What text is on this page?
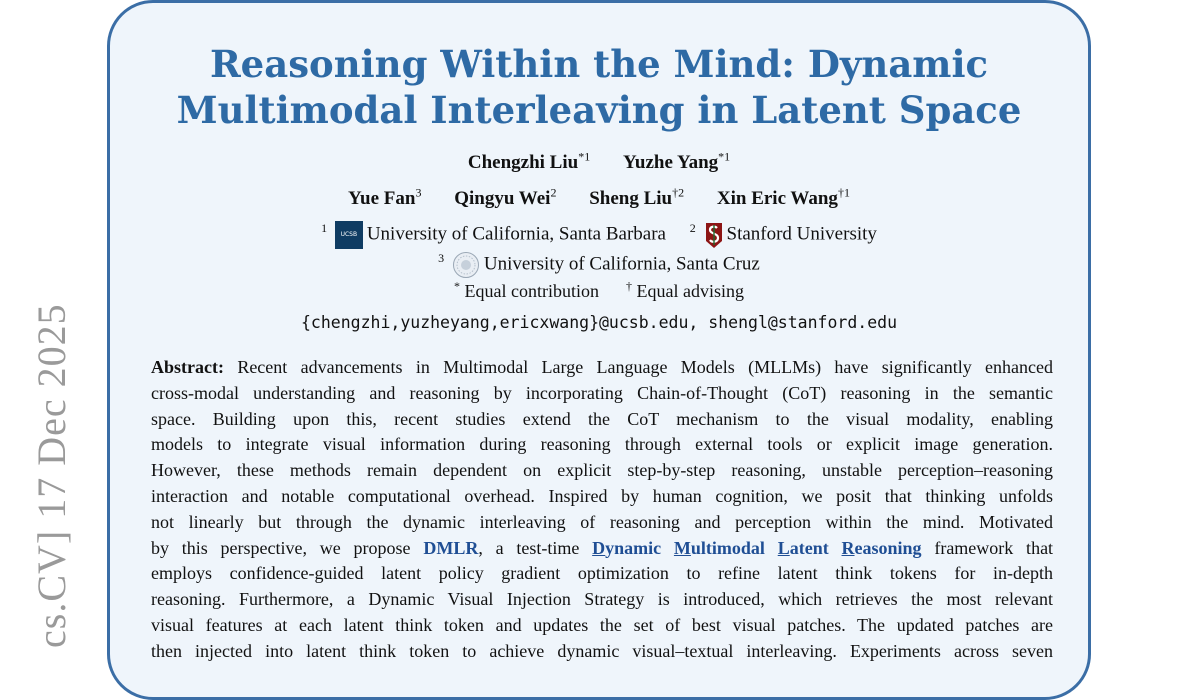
cs.CV] 17 Dec 2025
Reasoning Within the Mind: Dynamic
Multimodal Interleaving in Latent Space
Chengzhi Liu$^{*1}$ Yuzhe Yang$^{*1}$
Yue Fan$^3$ Qingyu Wei$^2$ Sheng Liu$^{\dagger 2}$ Xin Eric Wang$^{\dagger 1}$
$^1$ UCSB University of California, Santa Barbara $^2$ Stanford University
$^3$ University of California, Santa Cruz
* Equal contribution † Equal advising
{chengzhi,yuzheyang,ericxwang}@ucsb.edu, shengl@stanford.edu
Abstract: Recent advancements in Multimodal Large Language Models (MLLMs) have significantly enhanced
cross-modal understanding and reasoning by incorporating Chain-of-Thought (CoT) reasoning in the semantic
space. Building upon this, recent studies extend the CoT mechanism to the visual modality, enabling
models to integrate visual information during reasoning through external tools or explicit image generation.
However, these methods remain dependent on explicit step-by-step reasoning, unstable perception–reasoning
interaction and notable computational overhead. Inspired by human cognition, we posit that thinking unfolds
not linearly but through the dynamic interleaving of reasoning and perception within the mind. Motivated
by this perspective, we propose DMLR, a test-time Dynamic Multimodal Latent Reasoning framework that
employs confidence-guided latent policy gradient optimization to refine latent think tokens for in-depth
reasoning. Furthermore, a Dynamic Visual Injection Strategy is introduced, which retrieves the most relevant
visual features at each latent think token and updates the set of best visual patches. The updated patches are
then injected into latent think token to achieve dynamic visual–textual interleaving. Experiments across seven
